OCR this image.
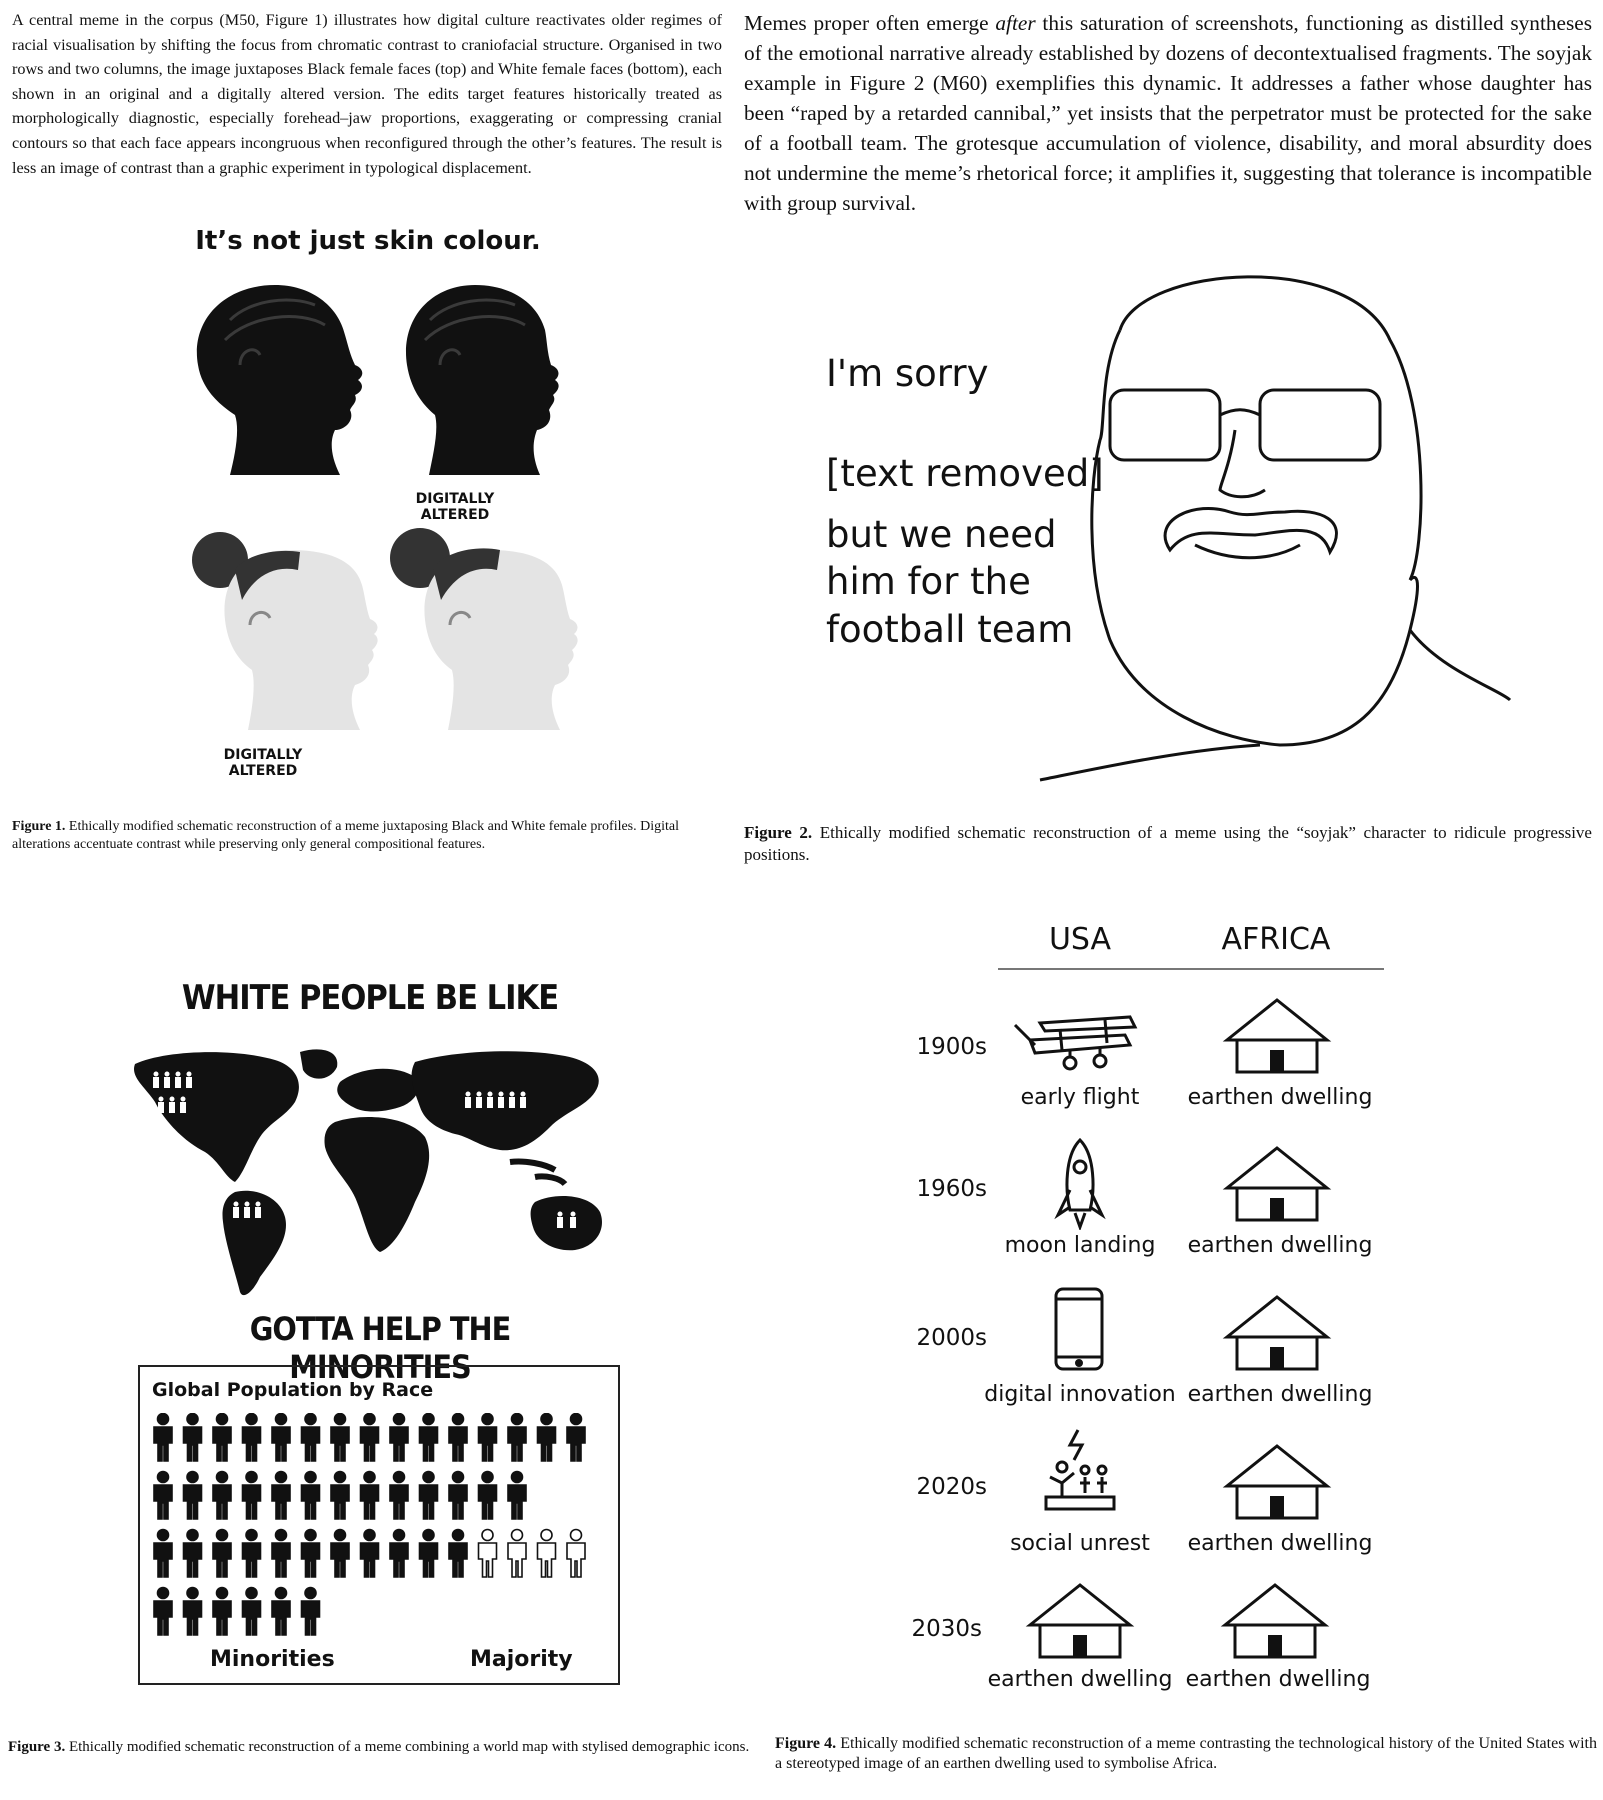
A central meme in the corpus (M50, Figure 1) illustrates how digital culture reactivates older regimes of racial visualisation by shifting the focus from chromatic contrast to craniofacial structure. Organised in two rows and two columns, the image juxtaposes Black female faces (top) and White female faces (bottom), each shown in an original and a digitally altered version. The edits target features historically treated as morphologically diagnostic, especially forehead–jaw proportions, exaggerating or compressing cranial contours so that each face appears incongruous when reconfigured through the other’s features. The result is less an image of contrast than a graphic experiment in typological displacement.
Memes proper often emerge after this saturation of screenshots, functioning as distilled syntheses of the emotional narrative already established by dozens of decontextualised fragments. The soyjak example in Figure 2 (M60) exemplifies this dynamic. It addresses a father whose daughter has been “raped by a retarded cannibal,” yet insists that the perpetrator must be protected for the sake of a football team. The grotesque accumulation of violence, disability, and moral absurdity does not undermine the meme’s rhetorical force; it amplifies it, suggesting that tolerance is incompatible with group survival.
It’s not just skin colour.
DIGITALLY
ALTERED
DIGITALLY
ALTERED
Figure 1. Ethically modified schematic reconstruction of a meme juxtaposing Black and White female profiles. Digital alterations accentuate contrast while preserving only general compositional features.
I'm sorry
[text removed]
but we need
him for the
football team
Figure 2. Ethically modified schematic reconstruction of a meme using the “soyjak” character to ridicule progressive positions.
WHITE PEOPLE BE LIKE
GOTTA HELP THE MINORITIES
Global Population by Race
Minorities	Majority
Figure 3. Ethically modified schematic reconstruction of a meme combining a world map with stylised demographic icons.
USA	AFRICA
1900s
1960s
2000s
2020s
2030s
early flight
moon landing
digital innovation
social unrest
earthen dwelling
earthen dwelling
earthen dwelling
earthen dwelling
earthen dwelling
earthen dwelling
Figure 4. Ethically modified schematic reconstruction of a meme contrasting the technological history of the United States with a stereotyped image of an earthen dwelling used to symbolise Africa.
